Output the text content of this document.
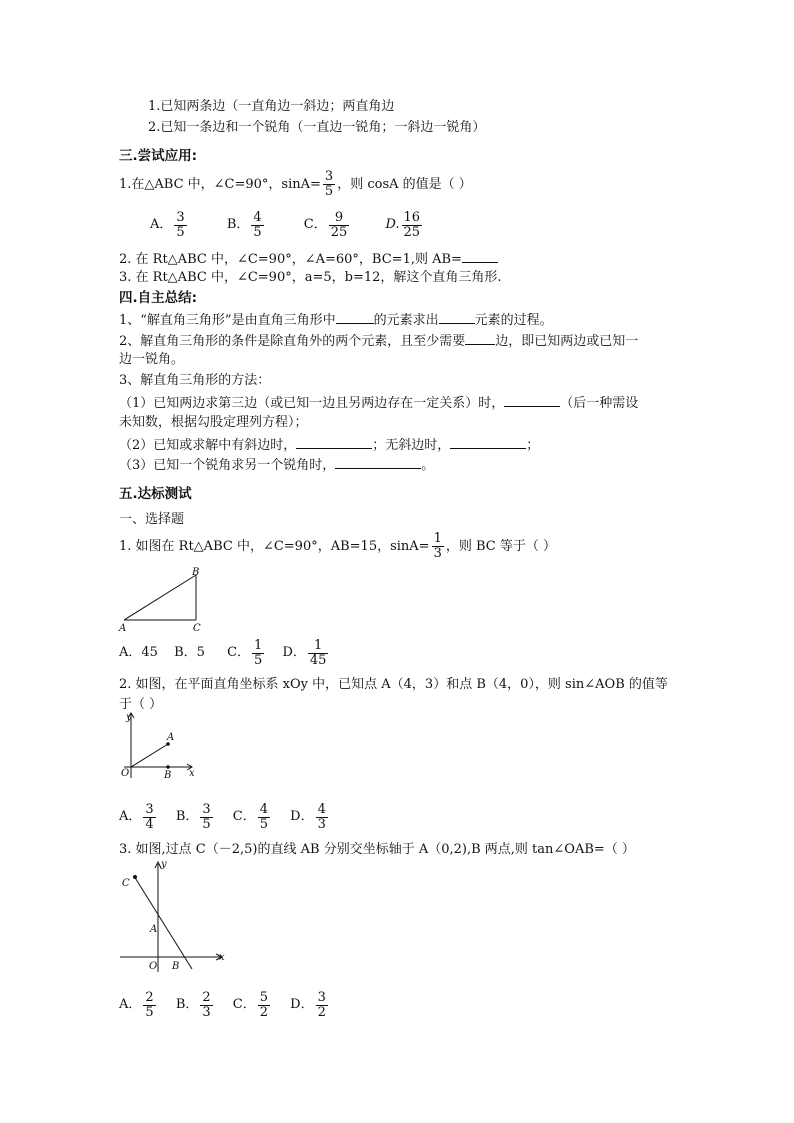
1.已知两条边（一直角边一斜边；两直角边
2.已知一条边和一个锐角（一直边一锐角；一斜边一锐角）
三.尝试应用:
1.在△ABC 中，∠C=90°，$\sin A= \frac{3}{5}$ ，则 cosA 的值是（ ）
A． $\frac{3}{5}$	B． $\frac{4}{5}$	C． $\frac{9}{25}$	D. $\frac{16}{25}$
2. 在 Rt△ABC 中，∠C=90°，∠A=60°，BC=1,则 AB=
3. 在 Rt△ABC 中，∠C=90°，a=5，b=12，解这个直角三角形.
四.自主总结:
1、“解直角三角形”是由直角三角形中	的元素求出	元素的过程。
2、解直角三角形的条件是除直角外的两个元素，且至少需要 边，即已知两边或已知一
边一锐角。
3、解直角三角形的方法：
（1）已知两边求第三边（或已知一边且另两边存在一定关系）时，	（后一种需设
未知数，根据勾股定理列方程）；
（2）已知或求解中有斜边时，	；无斜边时，	；
（3）已知一个锐角求另一个锐角时，	。
五.达标测试
一、选择题
1. 如图在 Rt△ABC 中，∠C=90°，AB=15，$\sin A= \frac{1}{3}$ ，则 BC 等于（ ）
B
A	C
A．45 B．5 C． $\frac{1}{5}$ D． $\frac{1}{45}$
2. 如图，在平面直角坐标系 xOy 中，已知点 A（4，3）和点 B（4，0），则 sin∠AOB 的值等
于（ ）
y
x
O
A
B
A． $\frac{3}{4}$ B． $\frac{3}{5}$ C． $\frac{4}{5}$ D． $\frac{4}{3}$
3. 如图,过点 C（－2,5)的直线 AB 分别交坐标轴于 A（0,2),B 两点,则 tan∠OAB=（ ）
y
x
O
A
B
C
A． $\frac{2}{5}$ B． $\frac{2}{3}$ C． $\frac{5}{2}$ D． $\frac{3}{2}$
